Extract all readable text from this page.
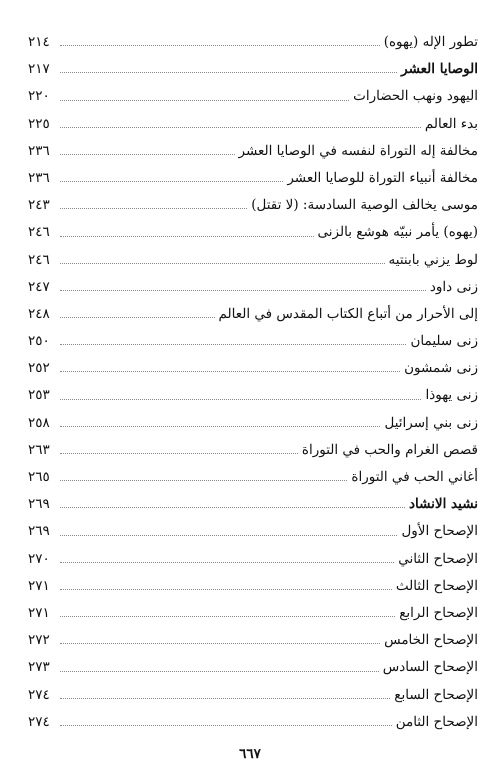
تطور الإله (يهوه)
٢١٤
الوصايا العشر
٢١٧
اليهود ونهب الحضارات
٢٢٠
بدء العالم
٢٢٥
مخالفة إله التوراة لنفسه في الوصايا العشر
٢٣٦
مخالفة أنبياء التوراة للوصايا العشر
٢٣٦
موسى يخالف الوصية السادسة: (لا تقتل)
٢٤٣
(يهوه) يأمر نبيّه هوشع بالزنى
٢٤٦
لوط يزني بابنتيه
٢٤٦
زنى داود
٢٤٧
إلى الأحرار من أتباع الكتاب المقدس في العالم
٢٤٨
زنى سليمان
٢٥٠
زنى شمشون
٢٥٢
زنى يهوذا
٢٥٣
زنى بني إسرائيل
٢٥٨
قصص الغرام والحب في التوراة
٢٦٣
أغاني الحب في التوراة
٢٦٥
نشيد الانشاد
٢٦٩
الإصحاح الأول
٢٦٩
الإصحاح الثاني
٢٧٠
الإصحاح الثالث
٢٧١
الإصحاح الرابع
٢٧١
الإصحاح الخامس
٢٧٢
الإصحاح السادس
٢٧٣
الإصحاح السابع
٢٧٤
الإصحاح الثامن
٢٧٤
٦٦٧
